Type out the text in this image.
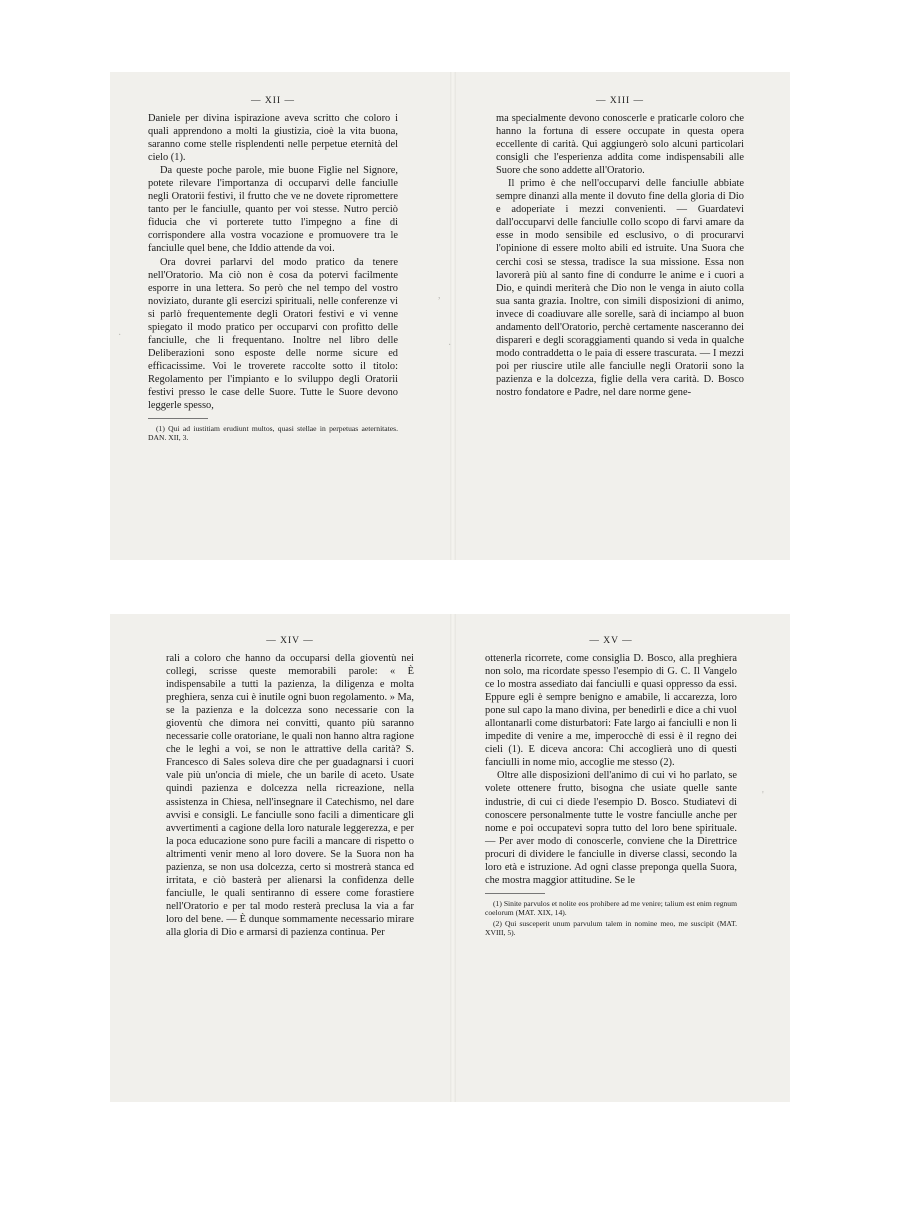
·
,
·
'
— XII —

Daniele per divina ispirazione aveva scritto che coloro i quali apprendono a molti la giustizia, cioè la vita buona, saranno come stelle risplendenti nelle perpetue eternità del cielo (1).

Da queste poche parole, mie buone Figlie nel Signore, potete rilevare l'importanza di occuparvi delle fanciulle negli Oratorii festivi, il frutto che ve ne dovete ripromettere tanto per le fanciulle, quanto per voi stesse. Nutro perciò fiducia che vi porterete tutto l'impegno a fine di corrispondere alla vostra vocazione e promuovere tra le fanciulle quel bene, che Iddio attende da voi.

Ora dovrei parlarvi del modo pratico da tenere nell'Oratorio. Ma ciò non è cosa da potervi facilmente esporre in una lettera. So però che nel tempo del vostro noviziato, durante gli esercizi spirituali, nelle conferenze vi si parlò frequentemente degli Oratori festivi e vi venne spiegato il modo pratico per occuparvi con profitto delle fanciulle, che li frequentano. Inoltre nel libro delle Deliberazioni sono esposte delle norme sicure ed efficacissime. Voi le troverete raccolte sotto il titolo: Regolamento per l'impianto e lo sviluppo degli Oratorii festivi presso le case delle Suore. Tutte le Suore devono leggerle spesso,

(1) Qui ad iustitiam erudiunt multos, quasi stellae in perpetuas aeternitates. DAN. XII, 3.

— XIII —

ma specialmente devono conoscerle e praticarle coloro che hanno la fortuna di essere occupate in questa opera eccellente di carità. Qui aggiungerò solo alcuni particolari consigli che l'esperienza addita come indispensabili alle Suore che sono addette all'Oratorio.

Il primo è che nell'occuparvi delle fanciulle abbiate sempre dinanzi alla mente il dovuto fine della gloria di Dio e adoperiate i mezzi convenienti. — Guardatevi dall'occuparvi delle fanciulle collo scopo di farvi amare da esse in modo sensibile ed esclusivo, o di procurarvi l'opinione di essere molto abili ed istruite. Una Suora che cerchi così se stessa, tradisce la sua missione. Essa non lavorerà più al santo fine di condurre le anime e i cuori a Dio, e quindi meriterà che Dio non le venga in aiuto colla sua santa grazia. Inoltre, con simili disposizioni di animo, invece di coadiuvare alle sorelle, sarà di inciampo al buon andamento dell'Oratorio, perchè certamente nasceranno dei dispareri e degli scoraggiamenti quando si veda in qualche modo contraddetta o le paia di essere trascurata. — I mezzi poi per riuscire utile alle fanciulle negli Oratorii sono la pazienza e la dolcezza, figlie della vera carità. D. Bosco nostro fondatore e Padre, nel dare norme gene-

— XIV —

rali a coloro che hanno da occuparsi della gioventù nei collegi, scrisse queste memorabili parole: « È indispensabile a tutti la pazienza, la diligenza e molta preghiera, senza cui è inutile ogni buon regolamento. » Ma, se la pazienza e la dolcezza sono necessarie con la gioventù che dimora nei convitti, quanto più saranno necessarie colle oratoriane, le quali non hanno altra ragione che le leghi a voi, se non le attrattive della carità? S. Francesco di Sales soleva dire che per guadagnarsi i cuori vale più un'oncia di miele, che un barile di aceto. Usate quindi pazienza e dolcezza nella ricreazione, nella assistenza in Chiesa, nell'insegnare il Catechismo, nel dare avvisi e consigli. Le fanciulle sono facili a dimenticare gli avvertimenti a cagione della loro naturale leggerezza, e per la poca educazione sono pure facili a mancare di rispetto o altrimenti venir meno al loro dovere. Se la Suora non ha pazienza, se non usa dolcezza, certo si mostrerà stanca ed irritata, e ciò basterà per alienarsi la confidenza delle fanciulle, le quali sentiranno di essere come forastiere nell'Oratorio e per tal modo resterà preclusa la via a far loro del bene. — È dunque sommamente necessario mirare alla gloria di Dio e armarsi di pazienza continua. Per

— XV —

ottenerla ricorrete, come consiglia D. Bosco, alla preghiera non solo, ma ricordate spesso l'esempio di G. C. Il Vangelo ce lo mostra assediato dai fanciulli e quasi oppresso da essi. Eppure egli è sempre benigno e amabile, li accarezza, loro pone sul capo la mano divina, per benedirli e dice a chi vuol allontanarli come disturbatori: Fate largo ai fanciulli e non li impedite di venire a me, imperocchè di essi è il regno dei cieli (1). E diceva ancora: Chi accoglierà uno di questi fanciulli in nome mio, accoglie me stesso (2).

Oltre alle disposizioni dell'animo di cui vi ho parlato, se volete ottenere frutto, bisogna che usiate quelle sante industrie, di cui ci diede l'esempio D. Bosco. Studiatevi di conoscere personalmente tutte le vostre fanciulle anche per nome e poi occupatevi sopra tutto del loro bene spirituale. — Per aver modo di conoscerle, conviene che la Direttrice procuri di dividere le fanciulle in diverse classi, secondo la loro età e istruzione. Ad ogni classe preponga quella Suora, che mostra maggior attitudine. Se le

(1) Sinite parvulos et nolite eos prohibere ad me venire; talium est enim regnum coelorum (MAT. XIX, 14).

(2) Qui susceperit unum parvulum talem in nomine meo, me suscipit (MAT. XVIII, 5).
